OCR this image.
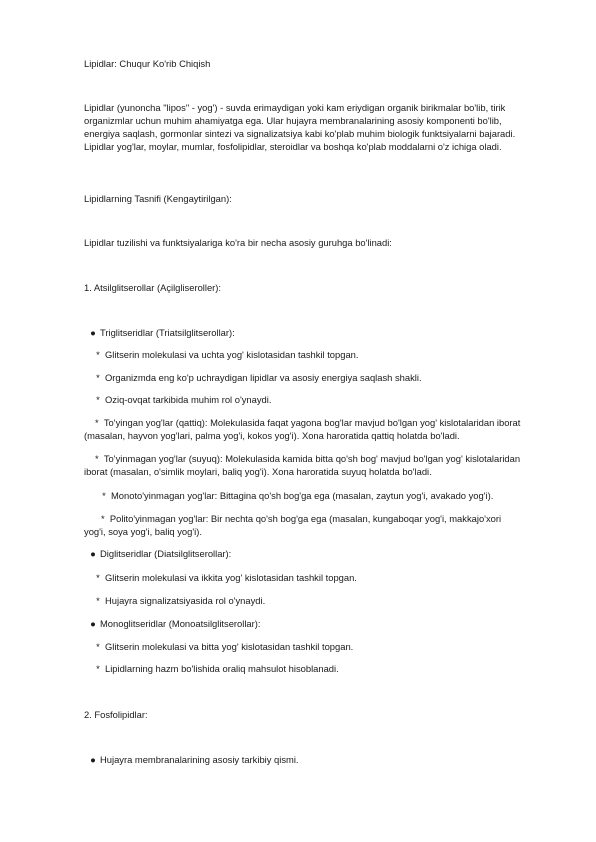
Lipidlar: Chuqur Ko'rib Chiqish

Lipidlar (yunoncha "lipos" - yog') - suvda erimaydigan yoki kam eriydigan organik birikmalar bo'lib, tirik organizmlar uchun muhim ahamiyatga ega. Ular hujayra membranalarining asosiy komponenti bo'lib, energiya saqlash, gormonlar sintezi va signalizatsiya kabi ko'plab muhim biologik funktsiyalarni bajaradi. Lipidlar yog'lar, moylar, mumlar, fosfolipidlar, steroidlar va boshqa ko'plab moddalarni o'z ichiga oladi.

Lipidlarning Tasnifi (Kengaytirilgan):

Lipidlar tuzilishi va funktsiyalariga ko'ra bir necha asosiy guruhga bo'linadi:

1. Atsilglitserollar (Açilgliseroller):

● Triglitseridlar (Triatsilglitserollar):

* Glitserin molekulasi va uchta yog' kislotasidan tashkil topgan.

* Organizmda eng ko'p uchraydigan lipidlar va asosiy energiya saqlash shakli.

* Oziq-ovqat tarkibida muhim rol o'ynaydi.

* To'yingan yog'lar (qattiq): Molekulasida faqat yagona bog'lar mavjud bo'lgan yog' kislotalaridan iborat (masalan, hayvon yog'lari, palma yog'i, kokos yog'i). Xona haroratida qattiq holatda bo'ladi.

* To'yinmagan yog'lar (suyuq): Molekulasida kamida bitta qo'sh bog' mavjud bo'lgan yog' kislotalaridan iborat (masalan, o'simlik moylari, baliq yog'i). Xona haroratida suyuq holatda bo'ladi.

* Monoto'yinmagan yog'lar: Bittagina qo'sh bog'ga ega (masalan, zaytun yog'i, avakado yog'i).

* Polito'yinmagan yog'lar: Bir nechta qo'sh bog'ga ega (masalan, kungaboqar yog'i, makkajo'xori yog'i, soya yog'i, baliq yog'i).

● Diglitseridlar (Diatsilglitserollar):

* Glitserin molekulasi va ikkita yog' kislotasidan tashkil topgan.

* Hujayra signalizatsiyasida rol o'ynaydi.

● Monoglitseridlar (Monoatsilglitserollar):

* Glitserin molekulasi va bitta yog' kislotasidan tashkil topgan.

* Lipidlarning hazm bo'lishida oraliq mahsulot hisoblanadi.

2. Fosfolipidlar:

● Hujayra membranalarining asosiy tarkibiy qismi.
